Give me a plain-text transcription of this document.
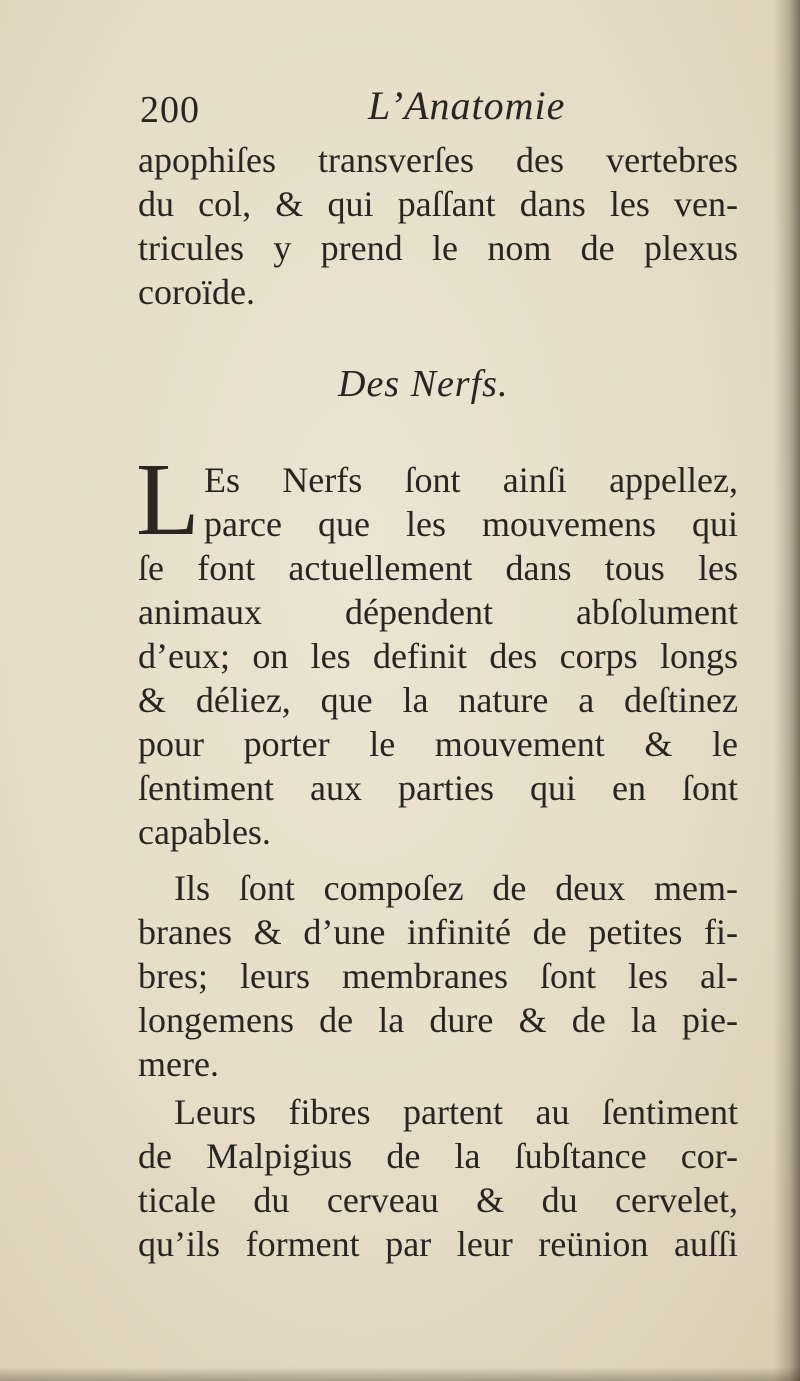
200	L’Anatomie
apophiſes transverſes des vertebres
du col, & qui paſſant dans les ven-
tricules y prend le nom de plexus
coroïde.
Des Nerfs.
L Es Nerfs ſont ainſi appellez,
parce que les mouvemens qui
ſe font actuellement dans tous les
animaux dépendent abſolument
d’eux; on les definit des corps longs
& déliez, que la nature a deſtinez
pour porter le mouvement & le
ſentiment aux parties qui en ſont
capables.
Ils ſont compoſez de deux mem-
branes & d’une infinité de petites fi-
bres; leurs membranes ſont les al-
longemens de la dure & de la pie-
mere.
Leurs fibres partent au ſentiment
de Malpigius de la ſubſtance cor-
ticale du cerveau & du cervelet,
qu’ils forment par leur reünion auſſi
